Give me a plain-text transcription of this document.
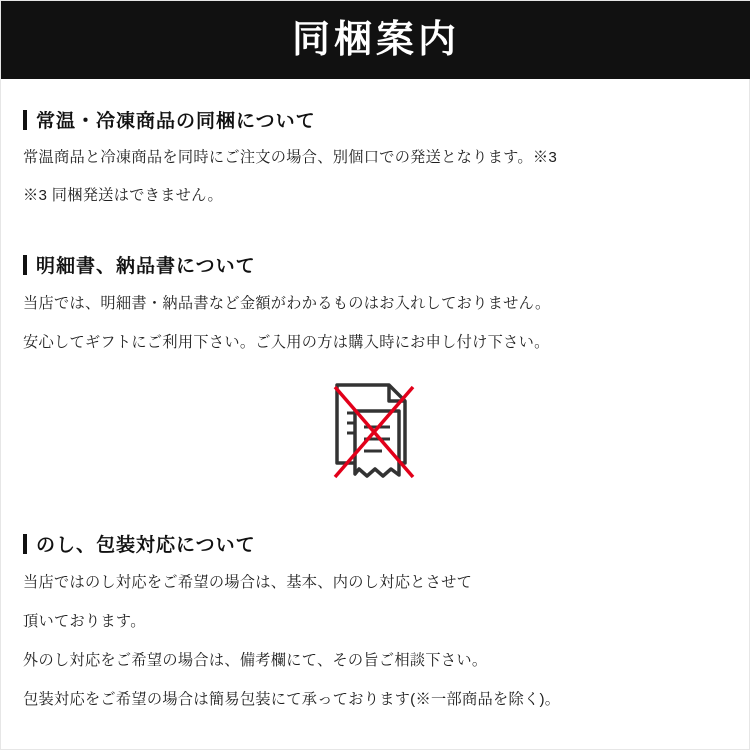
同梱案内
常温・冷凍商品の同梱について

常温商品と冷凍商品を同時にご注文の場合、別個口での発送となります。※3

※3 同梱発送はできません。

明細書、納品書について

当店では、明細書・納品書など金額がわかるものはお入れしておりません。

安心してギフトにご利用下さい。ご入用の方は購入時にお申し付け下さい。

のし、包装対応について

当店ではのし対応をご希望の場合は、基本、内のし対応とさせて

頂いております。

外のし対応をご希望の場合は、備考欄にて、その旨ご相談下さい。

包装対応をご希望の場合は簡易包装にて承っております(※一部商品を除く)。
